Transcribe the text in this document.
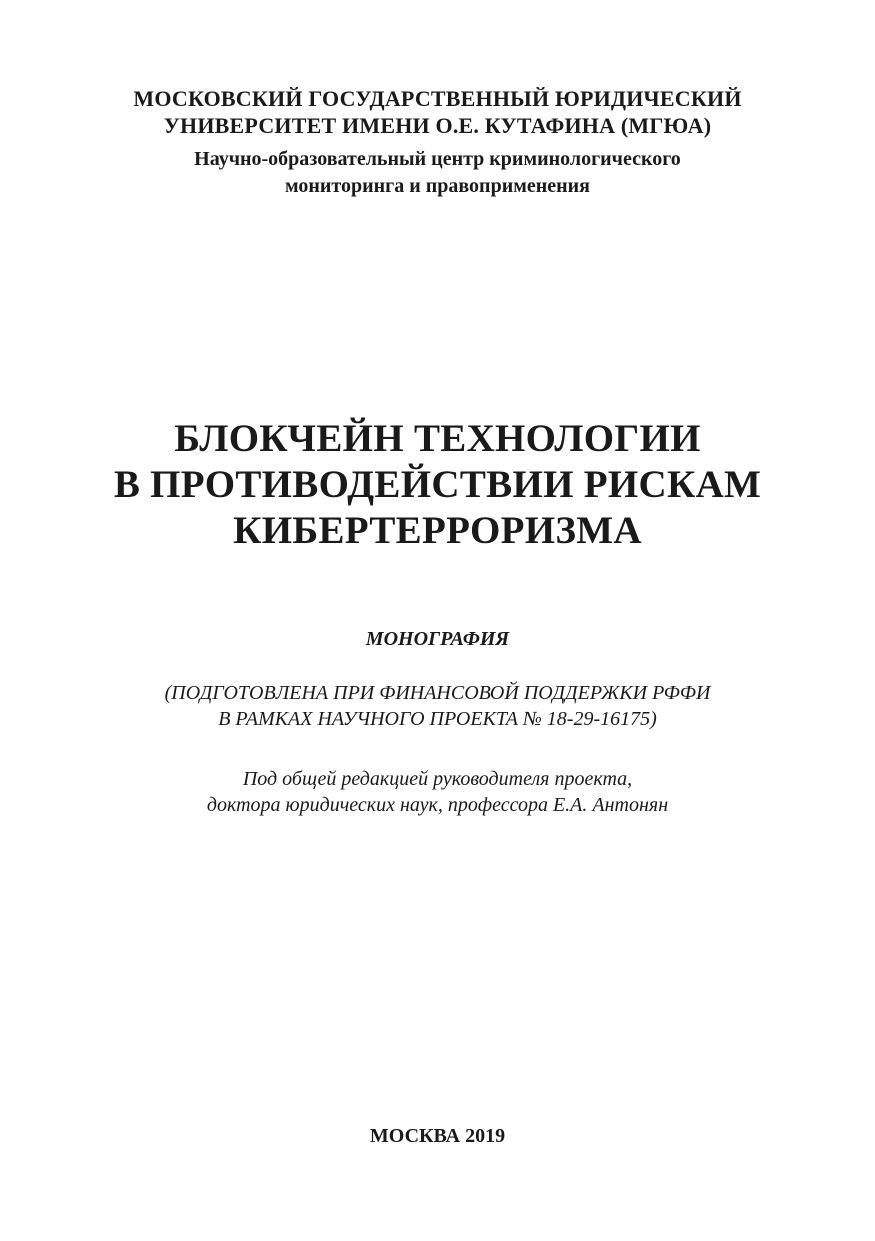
МОСКОВСКИЙ ГОСУДАРСТВЕННЫЙ ЮРИДИЧЕСКИЙ
УНИВЕРСИТЕТ ИМЕНИ О.Е. КУТАФИНА (МГЮА)
Научно-образовательный центр криминологического
мониторинга и правоприменения
БЛОКЧЕЙН ТЕХНОЛОГИИ
В ПРОТИВОДЕЙСТВИИ РИСКАМ
КИБЕРТЕРРОРИЗМА
МОНОГРАФИЯ
(ПОДГОТОВЛЕНА ПРИ ФИНАНСОВОЙ ПОДДЕРЖКИ РФФИ
В РАМКАХ НАУЧНОГО ПРОЕКТА № 18-29-16175)
Под общей редакцией руководителя проекта,
доктора юридических наук, профессора Е.А. Антонян
МОСКВА 2019
